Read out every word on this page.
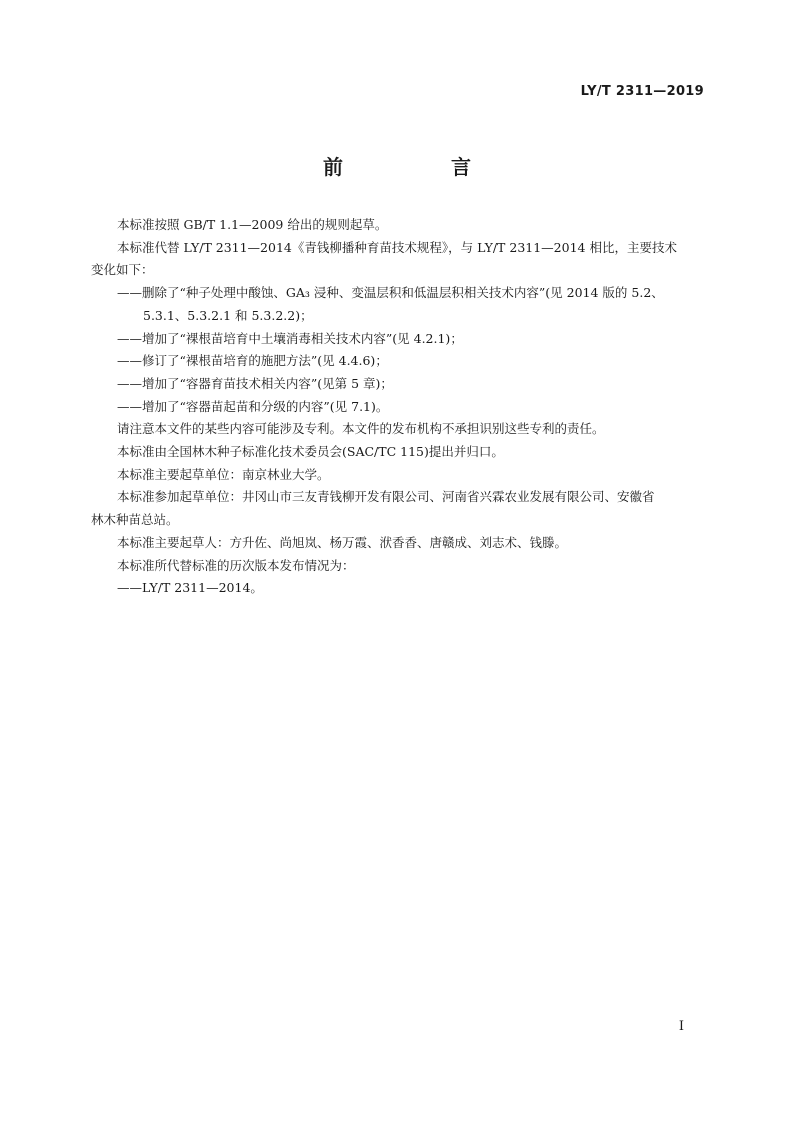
LY/T 2311—2019
前　言

本标准按照 GB/T 1.1—2009 给出的规则起草。

本标准代替 LY/T 2311—2014《青钱柳播种育苗技术规程》，与 LY/T 2311—2014 相比，主要技术

变化如下：

——删除了“种子处理中酸蚀、GA₃ 浸种、变温层积和低温层积相关技术内容”(见 2014 版的 5.2、

5.3.1、5.3.2.1 和 5.3.2.2)；

——增加了“裸根苗培育中土壤消毒相关技术内容”(见 4.2.1)；

——修订了“裸根苗培育的施肥方法”(见 4.4.6)；

——增加了“容器育苗技术相关内容”(见第 5 章)；

——增加了“容器苗起苗和分级的内容”(见 7.1)。

请注意本文件的某些内容可能涉及专利。本文件的发布机构不承担识别这些专利的责任。

本标准由全国林木种子标准化技术委员会(SAC/TC 115)提出并归口。

本标准主要起草单位：南京林业大学。

本标准参加起草单位：井冈山市三友青钱柳开发有限公司、河南省兴霖农业发展有限公司、安徽省

林木种苗总站。

本标准主要起草人：方升佐、尚旭岚、杨万霞、洑香香、唐赣成、刘志术、钱滕。

本标准所代替标准的历次版本发布情况为：

——LY/T 2311—2014。

I
